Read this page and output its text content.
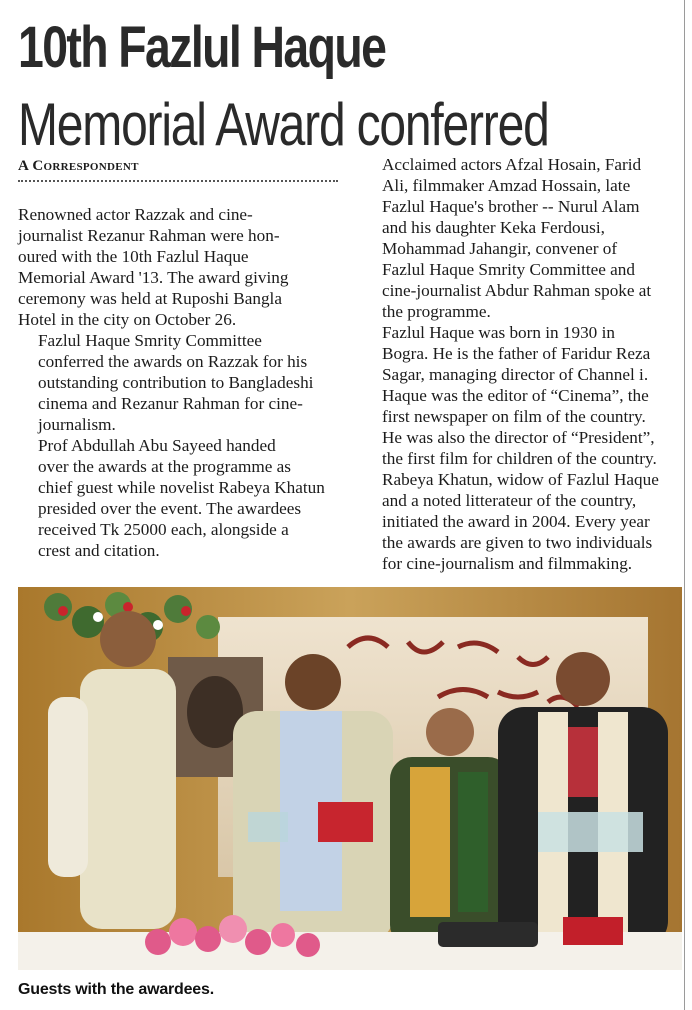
10th Fazlul Haque
Memorial Award conferred
A Correspondent

Renowned actor Razzak and cine-
journalist Rezanur Rahman were hon-
oured with the 10th Fazlul Haque
Memorial Award '13. The award giving
ceremony was held at Ruposhi Bangla
Hotel in the city on October 26.

Fazlul Haque Smrity Committee
conferred the awards on Razzak for his
outstanding contribution to Bangladeshi
cinema and Rezanur Rahman for cine-
journalism.

Prof Abdullah Abu Sayeed handed
over the awards at the programme as
chief guest while novelist Rabeya Khatun
presided over the event. The awardees
received Tk 25000 each, alongside a
crest and citation.

Acclaimed actors Afzal Hosain, Farid
Ali, filmmaker Amzad Hossain, late
Fazlul Haque's brother -- Nurul Alam
and his daughter Keka Ferdousi,
Mohammad Jahangir, convener of
Fazlul Haque Smrity Committee and
cine-journalist Abdur Rahman spoke at
the programme.

Fazlul Haque was born in 1930 in
Bogra. He is the father of Faridur Reza
Sagar, managing director of Channel i.
Haque was the editor of “Cinema”, the
first newspaper on film of the country.
He was also the director of “President”,
the first film for children of the country.
Rabeya Khatun, widow of Fazlul Haque
and a noted litterateur of the country,
initiated the award in 2004. Every year
the awards are given to two individuals
for cine-journalism and filmmaking.

Guests with the awardees.
